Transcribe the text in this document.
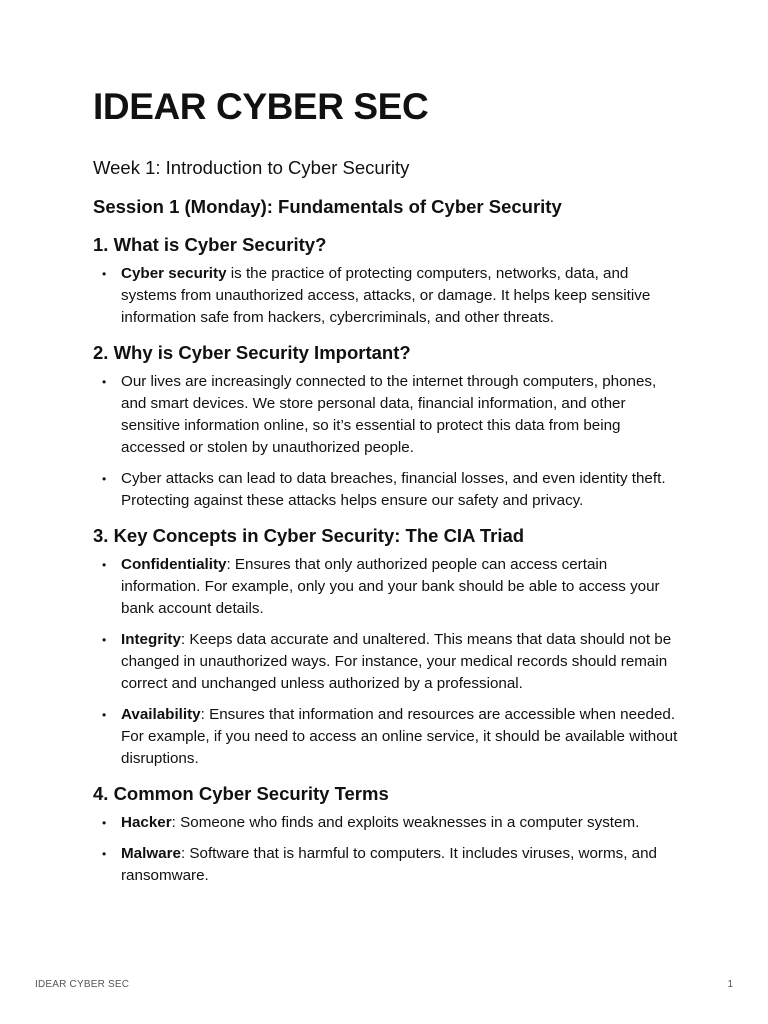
IDEAR CYBER SEC
Week 1: Introduction to Cyber Security
Session 1 (Monday): Fundamentals of Cyber Security
1. What is Cyber Security?
• Cyber security is the practice of protecting computers, networks, data, and systems from unauthorized access, attacks, or damage. It helps keep sensitive information safe from hackers, cybercriminals, and other threats.
2. Why is Cyber Security Important?
• Our lives are increasingly connected to the internet through computers, phones, and smart devices. We store personal data, financial information, and other sensitive information online, so it’s essential to protect this data from being accessed or stolen by unauthorized people.
• Cyber attacks can lead to data breaches, financial losses, and even identity theft. Protecting against these attacks helps ensure our safety and privacy.
3. Key Concepts in Cyber Security: The CIA Triad
• Confidentiality: Ensures that only authorized people can access certain information. For example, only you and your bank should be able to access your bank account details.
• Integrity: Keeps data accurate and unaltered. This means that data should not be changed in unauthorized ways. For instance, your medical records should remain correct and unchanged unless authorized by a professional.
• Availability: Ensures that information and resources are accessible when needed. For example, if you need to access an online service, it should be available without disruptions.
4. Common Cyber Security Terms
• Hacker: Someone who finds and exploits weaknesses in a computer system.
• Malware: Software that is harmful to computers. It includes viruses, worms, and ransomware.
IDEAR CYBER SEC	1
